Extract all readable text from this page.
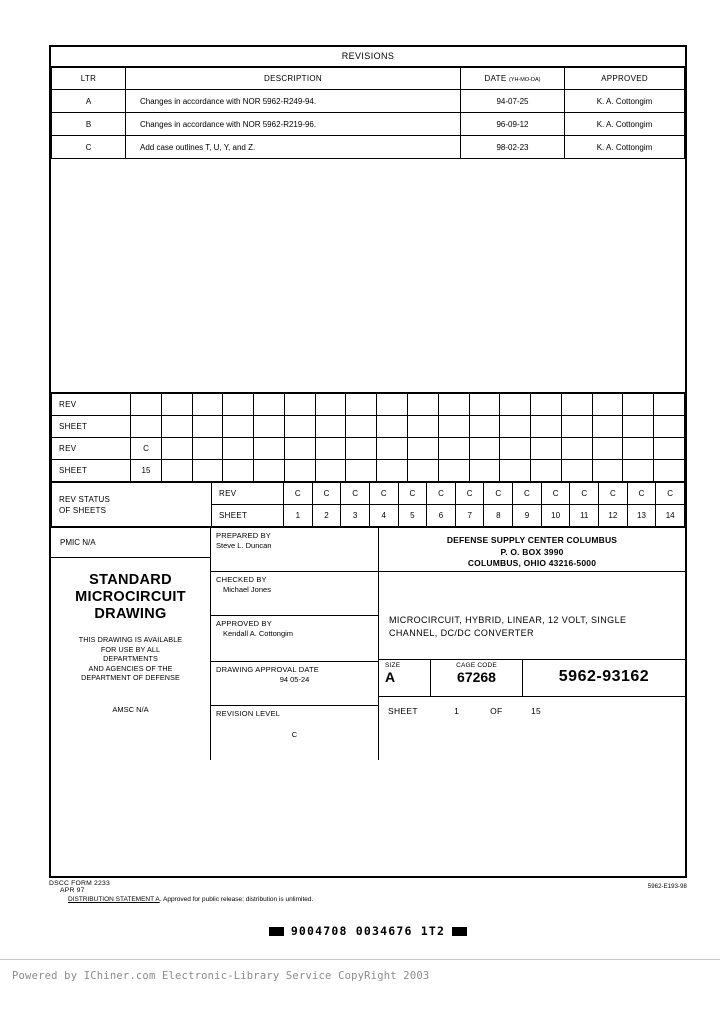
REVISIONS
LTR	DESCRIPTION	DATE (YH-MO-DA)	APPROVED
A	Changes in accordance with NOR 5962-R249-94.	94-07-25	K. A. Cottongim
B	Changes in accordance with NOR 5962-R219-96.	96-09-12	K. A. Cottongim
C	Add case outlines T, U, Y, and Z.	98-02-23	K. A. Cottongim
REV																		
SHEET																		
REV	C																	
SHEET	15																	
REV STATUS
OF SHEETS	REV	C	C	C	C	C	C	C	C	C	C	C	C	C	C
	SHEET	1	2	3	4	5	6	7	8	9	10	11	12	13	14
PMIC N/A
STANDARD
MICROCIRCUIT
DRAWING
THIS DRAWING IS AVAILABLE
FOR USE BY ALL
DEPARTMENTS
AND AGENCIES OF THE
DEPARTMENT OF DEFENSE
AMSC N/A
PREPARED BY
Steve L. Duncan
CHECKED BY
Michael Jones
APPROVED BY
Kendall A. Cottongim
DRAWING APPROVAL DATE
94 05-24
REVISION LEVEL
C
DEFENSE SUPPLY CENTER COLUMBUS
P. O. BOX 3990
COLUMBUS, OHIO 43216-5000
MICROCIRCUIT, HYBRID, LINEAR, 12 VOLT, SINGLE
CHANNEL, DC/DC CONVERTER
SIZE
A
CAGE CODE
67268	5962-93162
SHEET	1	OF	15
DSCC FORM 2233
APR 97
DISTRIBUTION STATEMENT A. Approved for public release; distribution is unlimited.
5962-E193-98
9004708 0034676 1T2
Powered by IChiner.com Electronic-Library Service CopyRight 2003
